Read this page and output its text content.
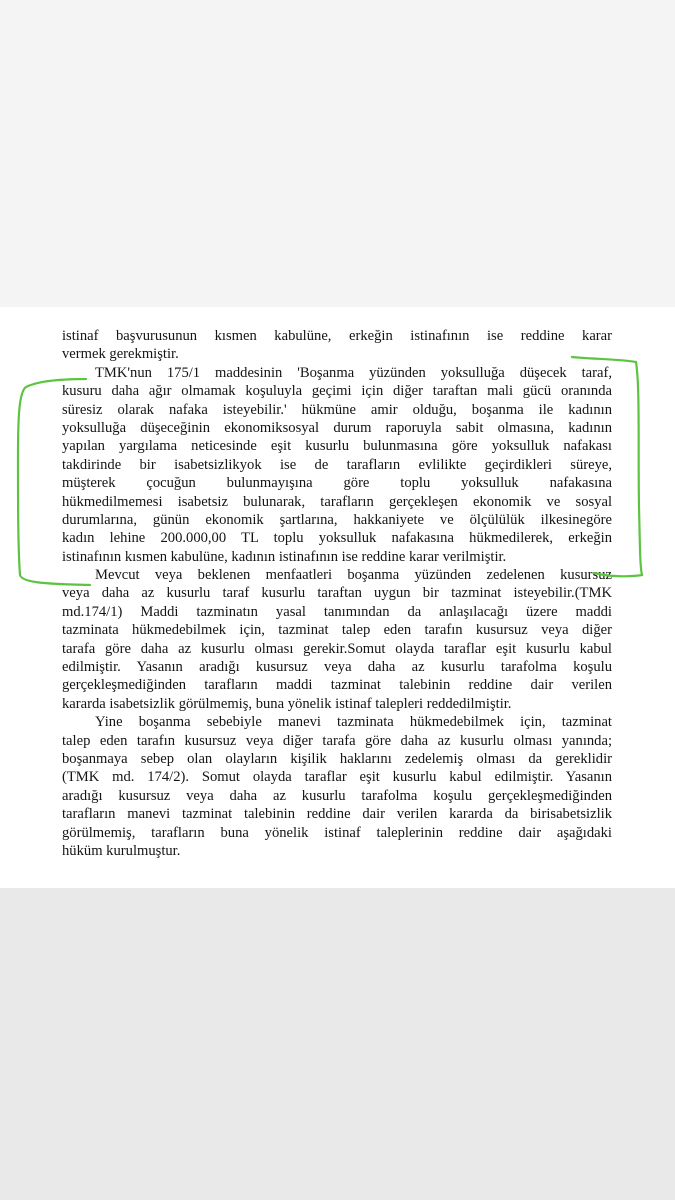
istinaf başvurusunun kısmen kabulüne, erkeğin istinafının ise reddine karar
vermek gerekmiştir.
TMK'nun 175/1 maddesinin 'Boşanma yüzünden yoksulluğa düşecek taraf,
kusuru daha ağır olmamak koşuluyla geçimi için diğer taraftan mali gücü oranında
süresiz olarak nafaka isteyebilir.' hükmüne amir olduğu, boşanma ile kadının
yoksulluğa düşeceğinin ekonomiksosyal durum raporuyla sabit olmasına, kadının
yapılan yargılama neticesinde eşit kusurlu bulunmasına göre yoksulluk nafakası
takdirinde bir isabetsizlikyok ise de tarafların evlilikte geçirdikleri süreye,
müşterek çocuğun bulunmayışına göre toplu yoksulluk nafakasına
hükmedilmemesi isabetsiz bulunarak, tarafların gerçekleşen ekonomik ve sosyal
durumlarına, günün ekonomik şartlarına, hakkaniyete ve ölçülülük ilkesinegöre
kadın lehine 200.000,00 TL toplu yoksulluk nafakasına hükmedilerek, erkeğin
istinafının kısmen kabulüne, kadının istinafının ise reddine karar verilmiştir.
Mevcut veya beklenen menfaatleri boşanma yüzünden zedelenen kusursuz
veya daha az kusurlu taraf kusurlu taraftan uygun bir tazminat isteyebilir.(TMK
md.174/1) Maddi tazminatın yasal tanımından da anlaşılacağı üzere maddi
tazminata hükmedebilmek için, tazminat talep eden tarafın kusursuz veya diğer
tarafa göre daha az kusurlu olması gerekir.Somut olayda taraflar eşit kusurlu kabul
edilmiştir. Yasanın aradığı kusursuz veya daha az kusurlu tarafolma koşulu
gerçekleşmediğinden tarafların maddi tazminat talebinin reddine dair verilen
kararda isabetsizlik görülmemiş, buna yönelik istinaf talepleri reddedilmiştir.
Yine boşanma sebebiyle manevi tazminata hükmedebilmek için, tazminat
talep eden tarafın kusursuz veya diğer tarafa göre daha az kusurlu olması yanında;
boşanmaya sebep olan olayların kişilik haklarını zedelemiş olması da gereklidir
(TMK md. 174/2). Somut olayda taraflar eşit kusurlu kabul edilmiştir. Yasanın
aradığı kusursuz veya daha az kusurlu tarafolma koşulu gerçekleşmediğinden
tarafların manevi tazminat talebinin reddine dair verilen kararda da birisabetsizlik
görülmemiş, tarafların buna yönelik istinaf taleplerinin reddine dair aşağıdaki
hüküm kurulmuştur.
